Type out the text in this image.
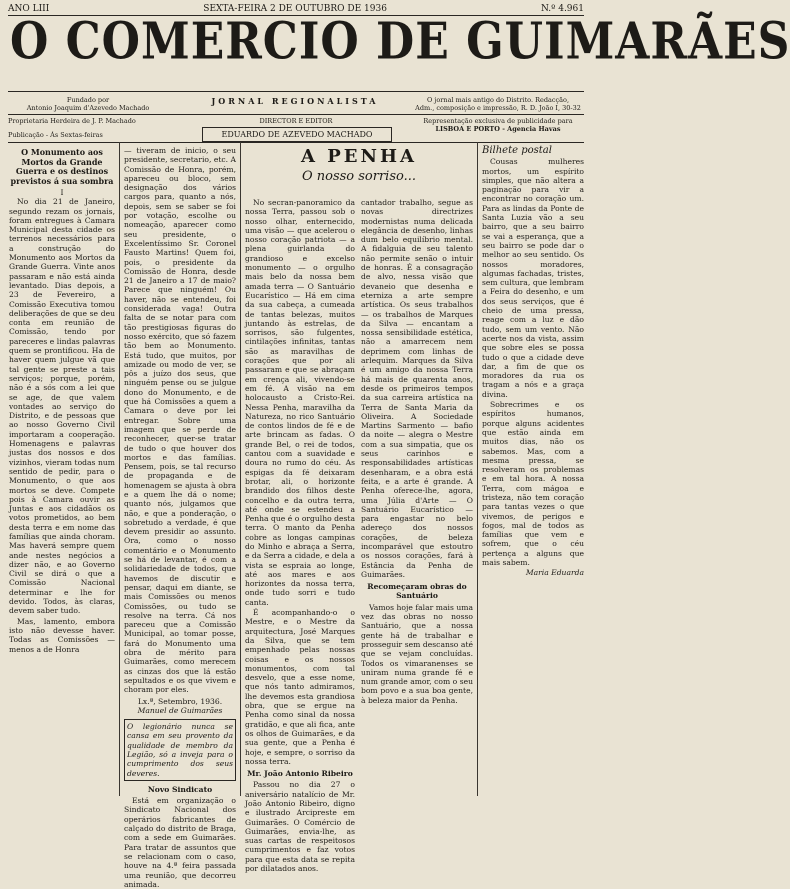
ANO LIII	SEXTA-FEIRA 2 DE OUTUBRO DE 1936	N.º 4.961
O COMERCIO DE GUIMARÃES
Fundado por
Antonio Joaquim d'Azevedo Machado
JORNAL REGIONALISTA	O jornal mais antigo do Distrito. Redacção,
Adm., composição e impressão, R. D. João I, 30-32
Proprietaria Herdeira de J. P. Machado
Publicação - Ás Sextas-feiras
DIRECTOR E EDITOR
EDUARDO DE AZEVEDO MACHADO
Representação exclusiva de publicidade para
LISBOA E PORTO - Agencia Havas
O Monumento aos Mortos da Grande Guerra e os destinos previstos á sua sombra
I

No dia 21 de Janeiro, segundo rezam os jornais, foram entregues à Camara Municipal desta cidade os terrenos necessários para a construção do Monumento aos Mortos da Grande Guerra. Vinte anos passaram e não está ainda levantado. Dias depois, a 23 de Fevereiro, a Comissão Executiva tomou deliberações de que se deu conta em reunião de Comissão, tendo por pareceres e lindas palavras quem se prontificou. Ha de haver quem julgue vã que tal gente se preste a tais serviços; porque, porém, não é a sós com a lei que se age, de que valem vontades ao serviço do Distrito, e de pessoas que ao nosso Governo Civil importaram a cooperação. Homenagens e palavras justas dos nossos e dos vizinhos, vieram todas num sentido de pedir, para o Monumento, o que aos mortos se deve. Compete pois à Camara ouvir as Juntas e aos cidadãos os votos prometidos, ao bem desta terra e em nome das famílias que ainda choram. Mas haverá sempre quem ande nestes negócios a dizer não, e ao Governo Civil se dirá o que a Comissão Nacional determinar e lhe for devido. Todos, às claras, devem saber tudo.

Mas, lamento, embora isto não devesse haver. Todas as Comissões — menos a de Honra

— tiveram de inicio, o seu presidente, secretario, etc. A Comissão de Honra, porém, apareceu ou bloco, sem designação dos vários cargos para, quanto a nós, depois, sem se saber se foi por votação, escolhe ou nomeação, aparecer como seu presidente, o Excelentíssimo Sr. Coronel Fausto Martins! Quem foi, pois, o presidente da Comissão de Honra, desde 21 de Janeiro a 17 de maio? Parece que ninguém! Ou haver, não se entendeu, foi considerada vaga! Outra falta de se notar para com tão prestigiosas figuras do nosso exército, que só fazem tão bem ao Monumento. Está tudo, que muitos, por amizade ou modo de ver, se pôs a juízo dos seus, que ninguém pense ou se julgue dono do Monumento, e de que há Comissões a quem a Camara o deve por lei entregar. Sobre uma imagem que se perde de reconhecer, quer-se tratar de tudo o que houver dos mortos e das famílias. Pensem, pois, se tal recurso de propaganda e de homenagem se ajusta à obra e a quem lhe dá o nome; quanto nós, julgamos que não, e que a ponderação, o sobretudo a verdade, é que devem presidir ao assunto. Ora, como o nosso comentário e o Monumento se há de levantar, é com a solidariedade de todos, que havemos de discutir e pensar, daqui em diante, se mais Comissões ou menos Comissões, ou tudo se resolve na terra. Cá nos pareceu que a Comissão Municipal, ao tomar posse, fará do Monumento uma obra de mérito para Guimarães, como merecem as cinzas dos que lá estão sepultados e os que vivem e choram por eles.

Lx.ª, Setembro, 1936.
Manuel de Guimarães
O legionário nunca se cansa em seu provento da qualidade de membro da Legião, só a inveja para o cumprimento dos seus deveres.
Novo Sindicato

Está em organização o Sindicato Nacional dos operários fabricantes de calçado do distrito de Braga, com a sede em Guimarães. Para tratar de assuntos que se relacionam com o caso, houve na 4.ª feira passada uma reunião, que decorreu animada.

A PENHA
O nosso sorriso...

No secran-panoramico da nossa Terra, passou sob o nosso olhar, enternecido, uma visão — que acelerou o nosso coração patriota — a plena guirlanda do grandioso e excelso monumento — o orgulho mais belo da nossa bem amada terra — O Santuário Eucarístico — Há em cima da sua cabeça, a cumeada de tantas belezas, muitos juntando às estrelas, de sorrisos, são fulgentes, cintilações infinitas, tantas são as maravilhas de corações que por ali passaram e que se abraçam em crença ali, vivendo-se em fé. A visão na em holocausto a Cristo-Rei. Nessa Penha, maravilha da Natureza, no rico Santuário de contos lindos de fé e de arte brincam as fadas. O grande Bel, o rei de todos, cantou com a suavidade e doura no rumo do céu. As espigas da fé deixaram brotar, ali, o horizonte brandido dos filhos deste concelho e da outra terra, até onde se estendeu a Penha que é o orgulho desta terra. O manto da Penha cobre as longas campinas do Minho e abraça a Serra, e da Serra a cidade, e dela a vista se espraia ao longe, até aos mares e aos horizontes da nossa terra, onde tudo sorri e tudo canta.

É acompanhando-o o Mestre, e o Mestre da arquitectura, José Marques da Silva, que se tem empenhado pelas nossas coisas e os nossos monumentos, com tal desvelo, que a esse nome, que nós tanto admiramos, lhe devemos esta grandiosa obra, que se ergue na Penha como sinal da nossa gratidão, e que ali fica, ante os olhos de Guimarães, e da sua gente, que a Penha é hoje, e sempre, o sorriso da nossa terra.

Mr. João Antonio Ribeiro

Passou no dia 27 o aniversário natalício de Mr. João Antonio Ribeiro, digno e ilustrado Arcipreste em Guimarães. O Comércio de Guimarães, envia-lhe, as suas cartas de respeitosos cumprimentos e faz votos para que esta data se repita por dilatados anos.

cantador trabalho, segue as novas directrizes modernistas numa delicada elegância de desenho, linhas dum belo equilíbrio mental. A fidalguia de seu talento não permite senão o intuir de honras. É a consagração de alvo, nessa visão que devaneio que desenha e eterniza a arte sempre artística. Os seus trabalhos — os trabalhos de Marques da Silva — encantam a nossa sensibilidade estética, não a amarrecem nem deprimem com linhas de arlequim. Marques da Silva é um amigo da nossa Terra há mais de quarenta anos, desde os primeiros tempos da sua carreira artística na Terra de Santa Maria da Oliveira. A Sociedade Martins Sarmento — bafio da noite — alegra o Mestre com a sua simpatia, que os seus carinhos e responsabilidades artísticas desenharam, e a obra está feita, e a arte é grande. A Penha oferece-lhe, agora, uma Júlia d'Arte — O Santuário Eucarístico — para engastar no belo adereço dos nossos corações, de beleza incomparável que estoutro os nossos corações, fará à Estância da Penha de Guimarães.

Recomeçaram obras do Santuário

Vamos hoje falar mais uma vez das obras no nosso Santuário, que a nossa gente há de trabalhar e prosseguir sem descanso até que se vejam concluídas. Todos os vimaranenses se uniram numa grande fé e num grande amor, com o seu bom povo e a sua boa gente, à beleza maior da Penha.

Bilhete postal

Cousas mulheres mortos, um espírito simples, que não altera a paginação para vir a encontrar no coração um. Para as lindas da Ponte de Santa Luzia vão a seu bairro, que a seu bairro se vai a esperança, que a seu bairro se pode dar o melhor ao seu sentido. Os nossos moradores, algumas fachadas, tristes, sem cultura, que lembram a Feira do desenho, e um dos seus serviços, que é cheio de uma pressa, reage com a luz e dão tudo, sem um vento. Não acerte nos da vista, assim que sobre eles se possa tudo o que a cidade deve dar, a fim de que os moradores da rua os tragam a nós e a graça divina.

Sobrecrimes e os espíritos humanos, porque alguns acidentes que estão ainda em muitos dias, não os sabemos. Mas, com a mesma pressa, se resolveram os problemas e em tal hora. A nossa Terra, com mágoa e tristeza, não tem coração para tantas vezes o que vivemos, de perigos e fogos, mal de todos as famílias que vem e sofrem, que o céu pertença a alguns que mais sabem.

Maria Eduarda
